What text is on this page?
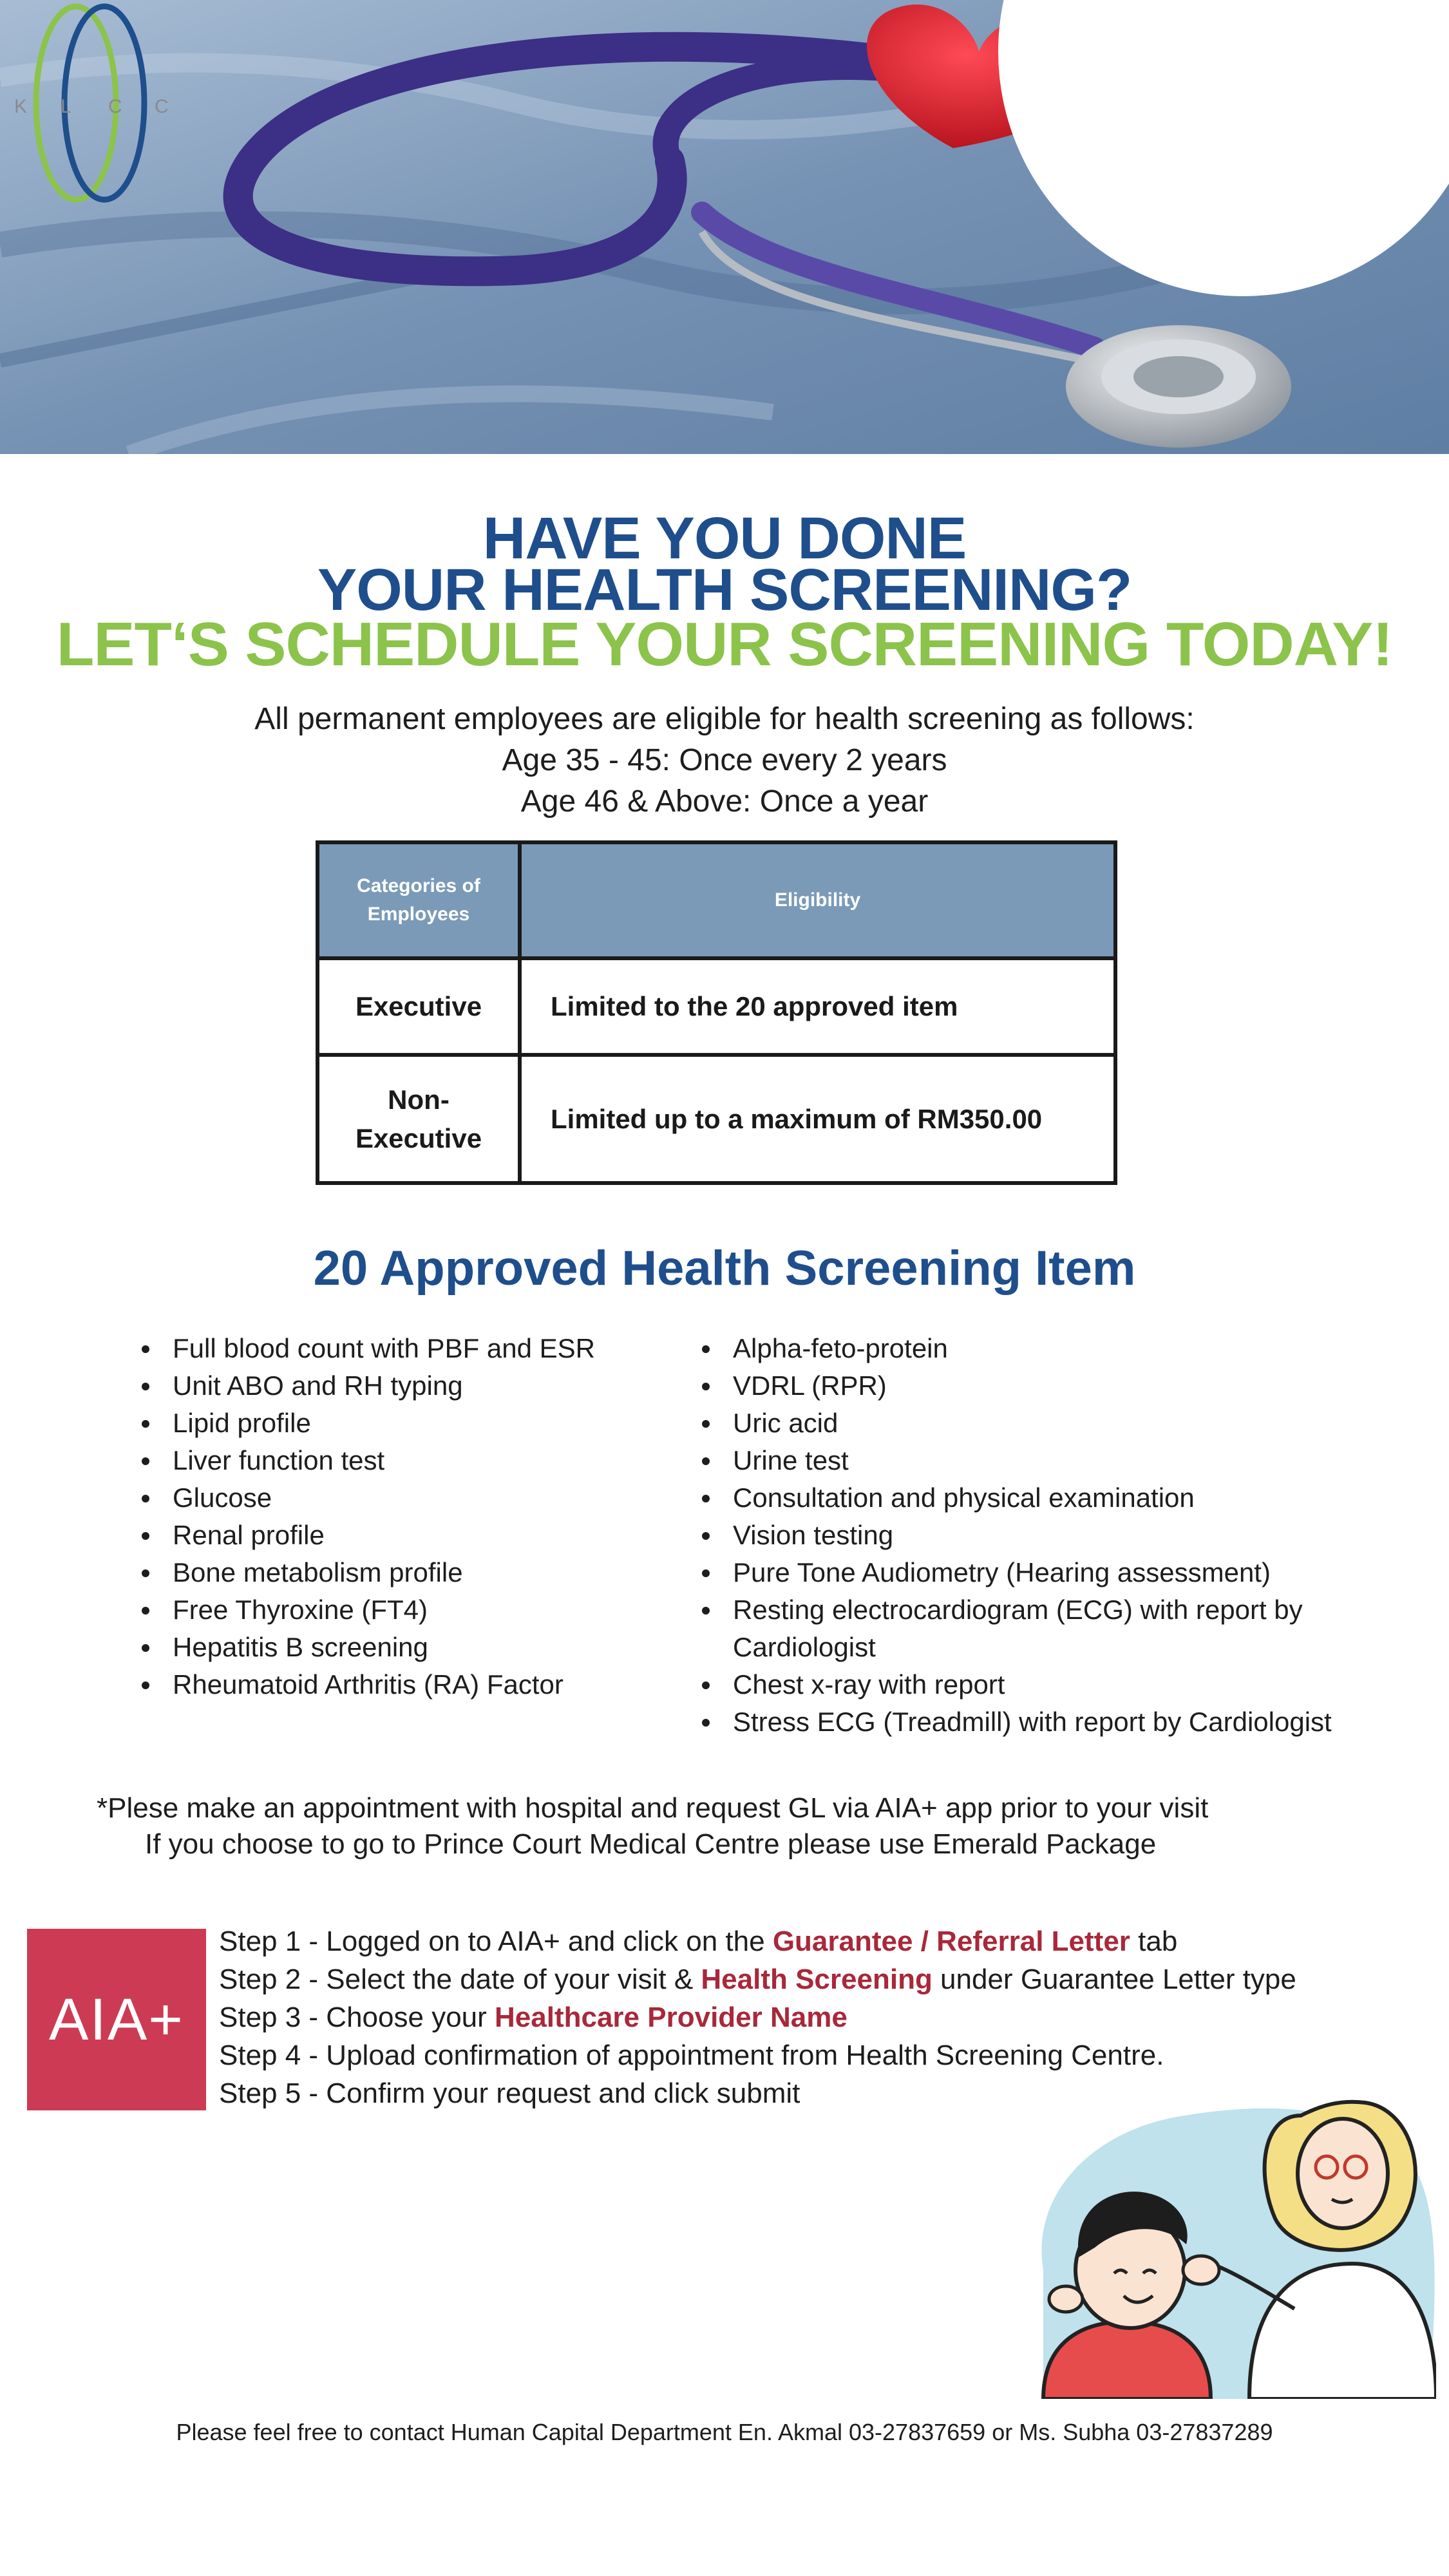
K L C C
HAVE YOU DONE
YOUR HEALTH SCREENING?
LET‘S SCHEDULE YOUR SCREENING TODAY!
All permanent employees are eligible for health screening as follows:
Age 35 - 45: Once every 2 years
Age 46 & Above: Once a year
Categories of Employees
Eligibility
Executive	Limited to the 20 approved item
Non-Executive
Limited up to a maximum of RM350.00
20 Approved Health Screening Item
Full blood count with PBF and ESR
Unit ABO and RH typing
Lipid profile
Liver function test
Glucose
Renal profile
Bone metabolism profile
Free Thyroxine (FT4)
Hepatitis B screening
Rheumatoid Arthritis (RA) Factor
Alpha-feto-protein
VDRL (RPR)
Uric acid
Urine test
Consultation and physical examination
Vision testing
Pure Tone Audiometry (Hearing assessment)
Resting electrocardiogram (ECG) with report by Cardiologist
Chest x-ray with report
Stress ECG (Treadmill) with report by Cardiologist
*Plese make an appointment with hospital and request GL via AIA+ app prior to your visit
If you choose to go to Prince Court Medical Centre please use Emerald Package
AIA+
Step 1 - Logged on to AIA+ and click on the Guarantee / Referral Letter tab
Step 2 - Select the date of your visit & Health Screening under Guarantee Letter type
Step 3 - Choose your Healthcare Provider Name
Step 4 - Upload confirmation of appointment from Health Screening Centre.
Step 5 - Confirm your request and click submit
Please feel free to contact Human Capital Department En. Akmal 03-27837659 or Ms. Subha 03-27837289
